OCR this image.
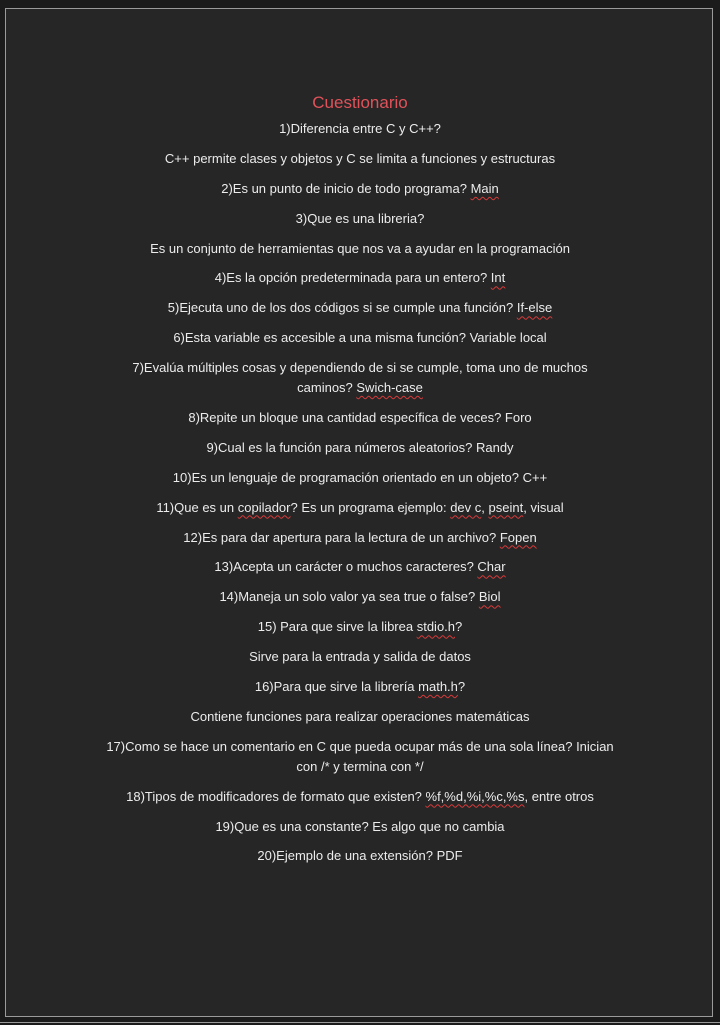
Cuestionario
1)Diferencia entre C y C++?
C++ permite clases y objetos y C se limita a funciones y estructuras
2)Es un punto de inicio de todo programa? Main
3)Que es una libreria?
Es un conjunto de herramientas que nos va a ayudar en la programación
4)Es la opción predeterminada para un entero? Int
5)Ejecuta uno de los dos códigos si se cumple una función? If-else
6)Esta variable es accesible a una misma función? Variable local
7)Evalúa múltiples cosas y dependiendo de si se cumple, toma uno de muchos caminos? Swich-case
8)Repite un bloque una cantidad específica de veces? Foro
9)Cual es la función para números aleatorios? Randy
10)Es un lenguaje de programación orientado en un objeto? C++
11)Que es un copilador? Es un programa ejemplo: dev c, pseint, visual
12)Es para dar apertura para la lectura de un archivo? Fopen
13)Acepta un carácter o muchos caracteres? Char
14)Maneja un solo valor ya sea true o false? Biol
15) Para que sirve la librea stdio.h?
Sirve para la entrada y salida de datos
16)Para que sirve la librería math.h?
Contiene funciones para realizar operaciones matemáticas
17)Como se hace un comentario en C que pueda ocupar más de una sola línea? Inician con /* y termina con */
18)Tipos de modificadores de formato que existen? %f,%d,%i,%c,%s, entre otros
19)Que es una constante? Es algo que no cambia
20)Ejemplo de una extensión? PDF
